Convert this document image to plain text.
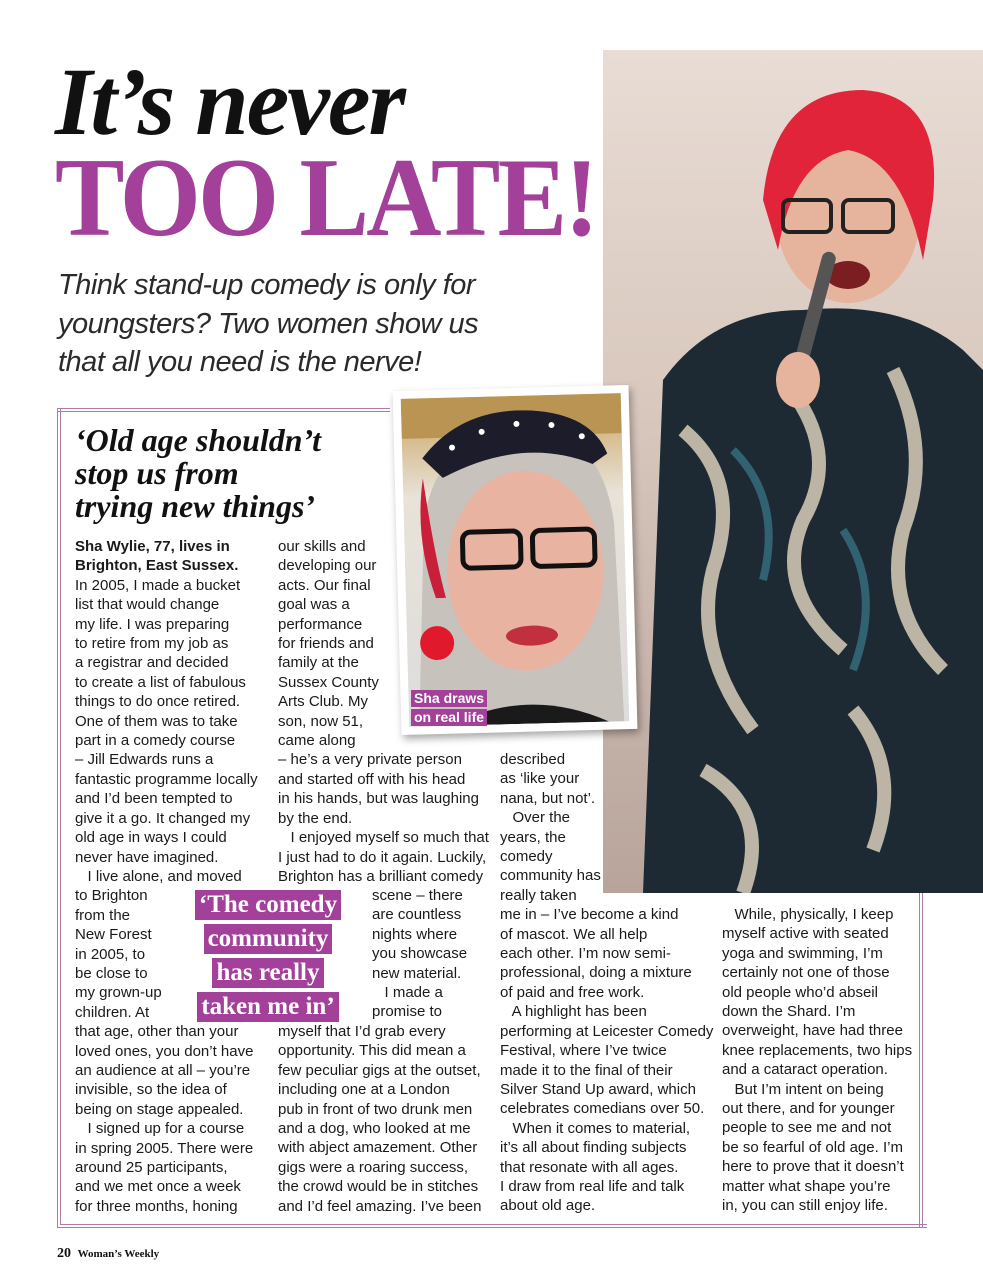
It’s never
TOO LATE!
Think stand-up comedy is only for youngsters? Two women show us that all you need is the nerve!
‘Old age shouldn’t
stop us from
trying new things’
Sha Wylie, 77, lives in
Brighton, East Sussex.
In 2005, I made a bucket
list that would change
my life. I was preparing
to retire from my job as
a registrar and decided
to create a list of fabulous
things to do once retired.
One of them was to take
part in a comedy course
– Jill Edwards runs a
fantastic programme locally
and I’d been tempted to
give it a go. It changed my
old age in ways I could
never have imagined.
I live alone, and moved
to Brighton
from the
New Forest
in 2005, to
be close to
my grown-up
children. At
that age, other than your
loved ones, you don’t have
an audience at all – you’re
invisible, so the idea of
being on stage appealed.
I signed up for a course
in spring 2005. There were
around 25 participants,
and we met once a week
for three months, honing
our skills and
developing our
acts. Our final
goal was a
performance
for friends and
family at the
Sussex County
Arts Club. My
son, now 51,
came along
– he’s a very private person
and started off with his head
in his hands, but was laughing
by the end.
I enjoyed myself so much that
I just had to do it again. Luckily,
Brighton has a brilliant comedy
scene – there
are countless
nights where
you showcase
new material.
I made a
promise to
myself that I’d grab every
opportunity. This did mean a
few peculiar gigs at the outset,
including one at a London
pub in front of two drunk men
and a dog, who looked at me
with abject amazement. Other
gigs were a roaring success,
the crowd would be in stitches
and I’d feel amazing. I’ve been
described
as ‘like your
nana, but not’.
Over the
years, the
comedy
community has
really taken
me in – I’ve become a kind
of mascot. We all help
each other. I’m now semi-
professional, doing a mixture
of paid and free work.
A highlight has been
performing at Leicester Comedy
Festival, where I’ve twice
made it to the final of their
Silver Stand Up award, which
celebrates comedians over 50.
When it comes to material,
it’s all about finding subjects
that resonate with all ages.
I draw from real life and talk
about old age.
While, physically, I keep
myself active with seated
yoga and swimming, I’m
certainly not one of those
old people who’d abseil
down the Shard. I’m
overweight, have had three
knee replacements, two hips
and a cataract operation.
But I’m intent on being
out there, and for younger
people to see me and not
be so fearful of old age. I’m
here to prove that it doesn’t
matter what shape you’re
in, you can still enjoy life.
‘The comedy
community
has really
taken me in’
Sha draws
on real life
20 Woman’s Weekly
